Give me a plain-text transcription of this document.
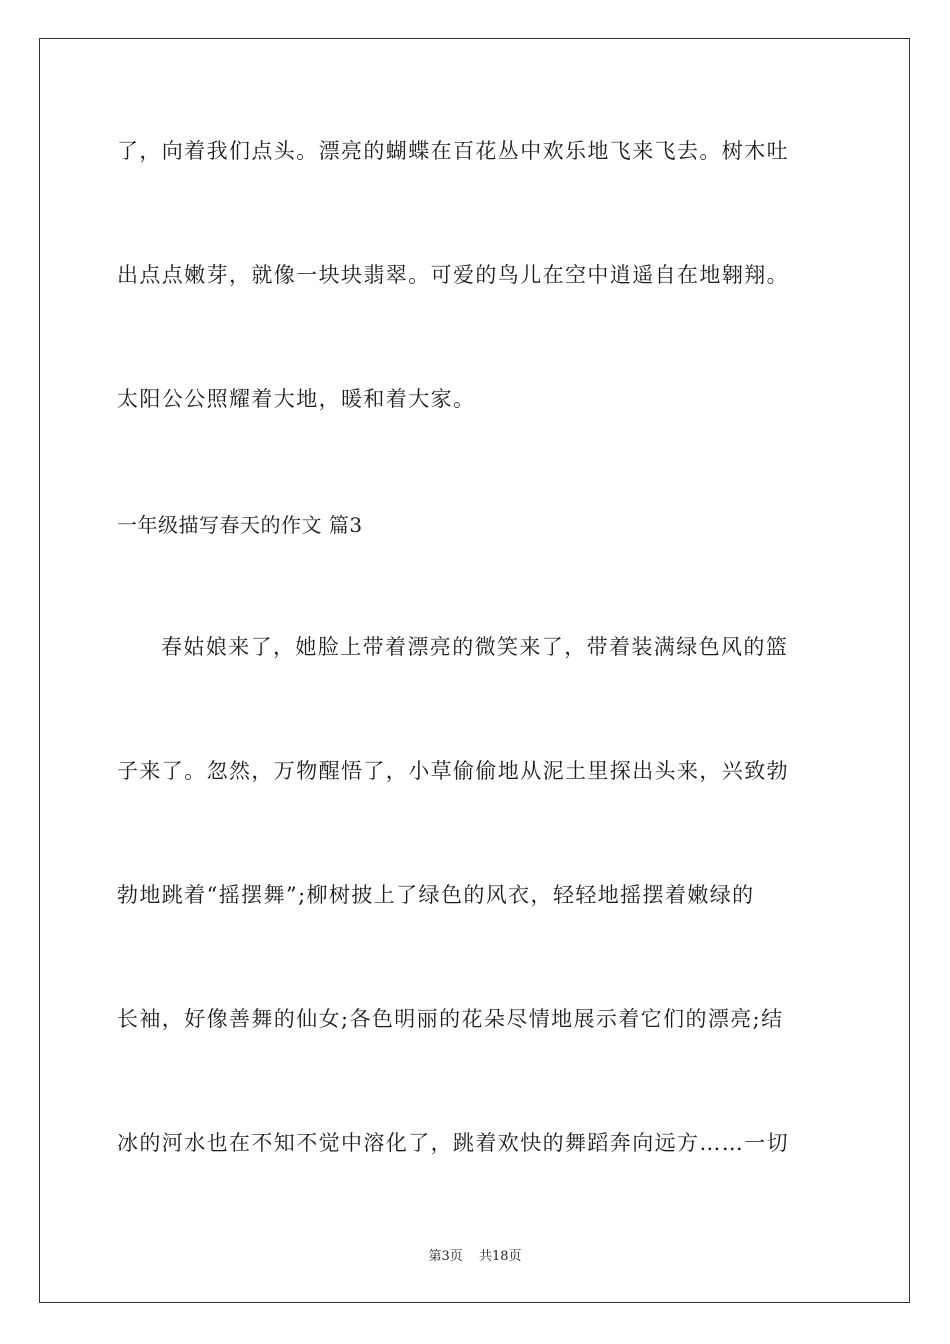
了，向着我们点头。漂亮的蝴蝶在百花丛中欢乐地飞来飞去。树木吐
出点点嫩芽，就像一块块翡翠。可爱的鸟儿在空中逍遥自在地翱翔。
太阳公公照耀着大地，暖和着大家。
一年级描写春天的作文 篇3
春姑娘来了，她脸上带着漂亮的微笑来了，带着装满绿色风的篮
子来了。忽然，万物醒悟了，小草偷偷地从泥土里探出头来，兴致勃
勃地跳着“摇摆舞”;柳树披上了绿色的风衣，轻轻地摇摆着嫩绿的
长袖，好像善舞的仙女;各色明丽的花朵尽情地展示着它们的漂亮;结
冰的河水也在不知不觉中溶化了，跳着欢快的舞蹈奔向远方……一切
第3页 共18页
